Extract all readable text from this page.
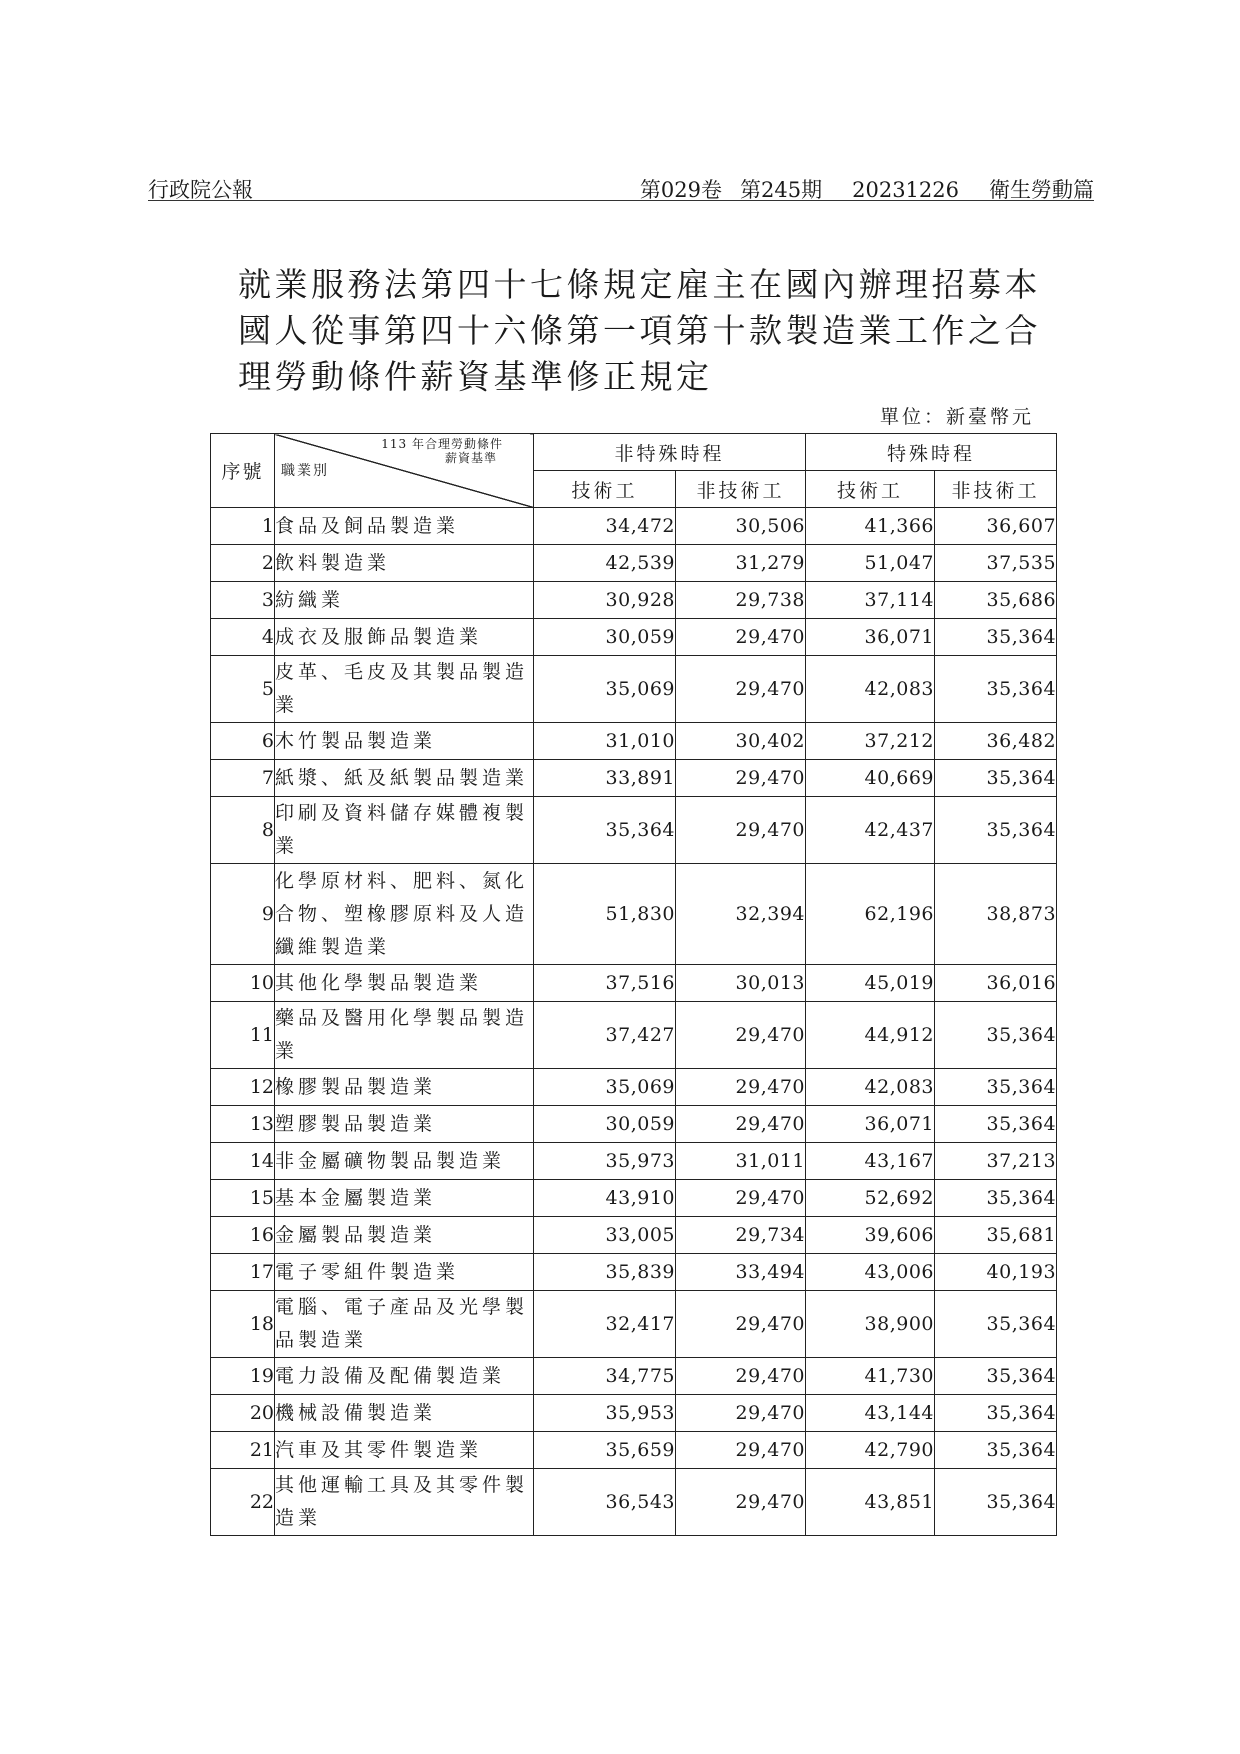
行政院公報	第029卷 第245期 20231226 衛生勞動篇
就業服務法第四十七條規定雇主在國內辦理招募本國人從事第四十六條第一項第十款製造業工作之合理勞動條件薪資基準修正規定
單位：新臺幣元
序號	113 年合理勞動條件
薪資基準
職業別	非特殊時程		特殊時程	
		技術工	非技術工	技術工	非技術工
1	食品及飼品製造業	34,472	30,506	41,366	36,607
2	飲料製造業	42,539	31,279	51,047	37,535
3	紡織業	30,928	29,738	37,114	35,686
4	成衣及服飾品製造業	30,059	29,470	36,071	35,364
5	皮革、毛皮及其製品製造業	35,069	29,470	42,083	35,364
6	木竹製品製造業	31,010	30,402	37,212	36,482
7	紙漿、紙及紙製品製造業	33,891	29,470	40,669	35,364
8	印刷及資料儲存媒體複製業	35,364	29,470	42,437	35,364
9	化學原材料、肥料、氮化合物、塑橡膠原料及人造纖維製造業	51,830	32,394	62,196	38,873
10	其他化學製品製造業	37,516	30,013	45,019	36,016
11	藥品及醫用化學製品製造業	37,427	29,470	44,912	35,364
12	橡膠製品製造業	35,069	29,470	42,083	35,364
13	塑膠製品製造業	30,059	29,470	36,071	35,364
14	非金屬礦物製品製造業	35,973	31,011	43,167	37,213
15	基本金屬製造業	43,910	29,470	52,692	35,364
16	金屬製品製造業	33,005	29,734	39,606	35,681
17	電子零組件製造業	35,839	33,494	43,006	40,193
18	電腦、電子產品及光學製品製造業	32,417	29,470	38,900	35,364
19	電力設備及配備製造業	34,775	29,470	41,730	35,364
20	機械設備製造業	35,953	29,470	43,144	35,364
21	汽車及其零件製造業	35,659	29,470	42,790	35,364
22	其他運輸工具及其零件製造業	36,543	29,470	43,851	35,364
